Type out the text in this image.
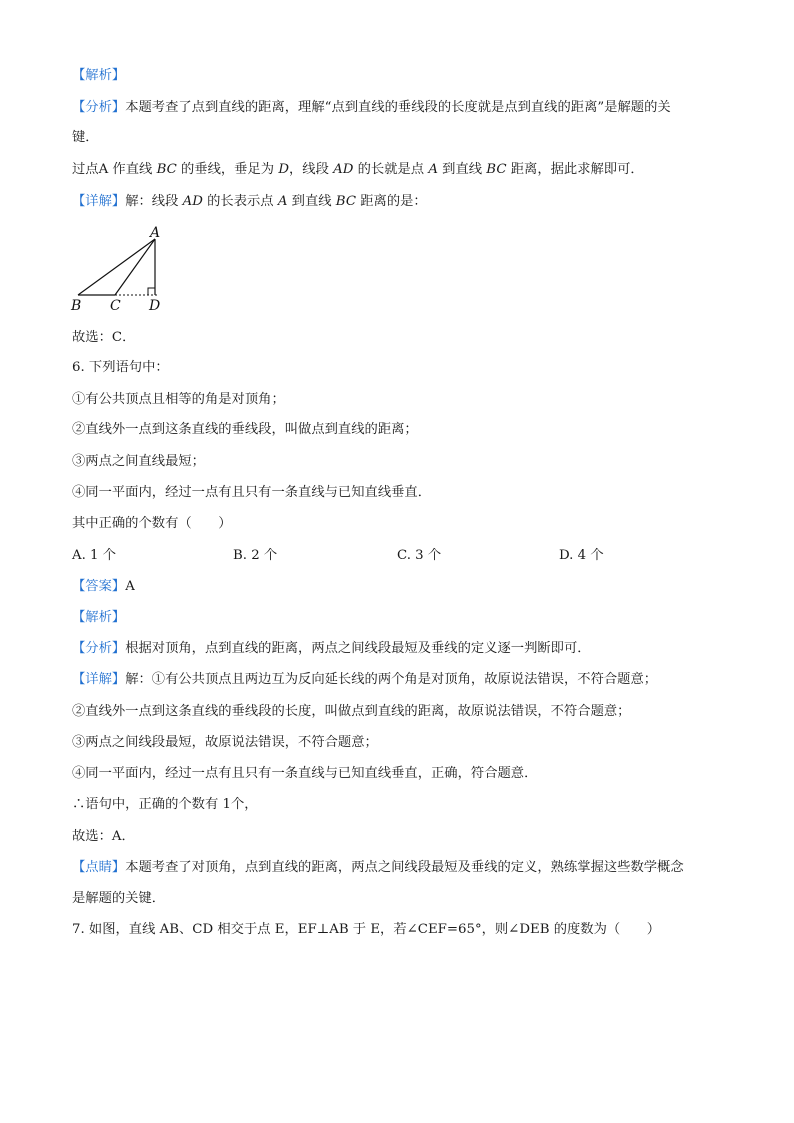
【解析】
【分析】本题考查了点到直线的距离，理解“点到直线的垂线段的长度就是点到直线的距离”是解题的关
键．
过点A 作直线 BC 的垂线，垂足为 D，线段 AD 的长就是点 A 到直线 BC 距离，据此求解即可．
【详解】解：线段 AD 的长表示点 A 到直线 BC 距离的是：
A
B C D
故选：C．
6. 下列语句中：
①有公共顶点且相等的角是对顶角；
②直线外一点到这条直线的垂线段，叫做点到直线的距离；
③两点之间直线最短；
④同一平面内，经过一点有且只有一条直线与已知直线垂直．
其中正确的个数有（　　）
A. 1 个	B. 2 个	C. 3 个	D. 4 个
【答案】A
【解析】
【分析】根据对顶角，点到直线的距离，两点之间线段最短及垂线的定义逐一判断即可．
【详解】解：①有公共顶点且两边互为反向延长线的两个角是对顶角，故原说法错误，不符合题意；
②直线外一点到这条直线的垂线段的长度，叫做点到直线的距离，故原说法错误，不符合题意；
③两点之间线段最短，故原说法错误，不符合题意；
④同一平面内，经过一点有且只有一条直线与已知直线垂直，正确，符合题意．
∴语句中，正确的个数有 1个，
故选：A．
【点睛】本题考查了对顶角，点到直线的距离，两点之间线段最短及垂线的定义，熟练掌握这些数学概念
是解题的关键．
7. 如图，直线 AB、CD 相交于点 E，EF⊥AB 于 E，若∠CEF=65°，则∠DEB 的度数为（　　）
